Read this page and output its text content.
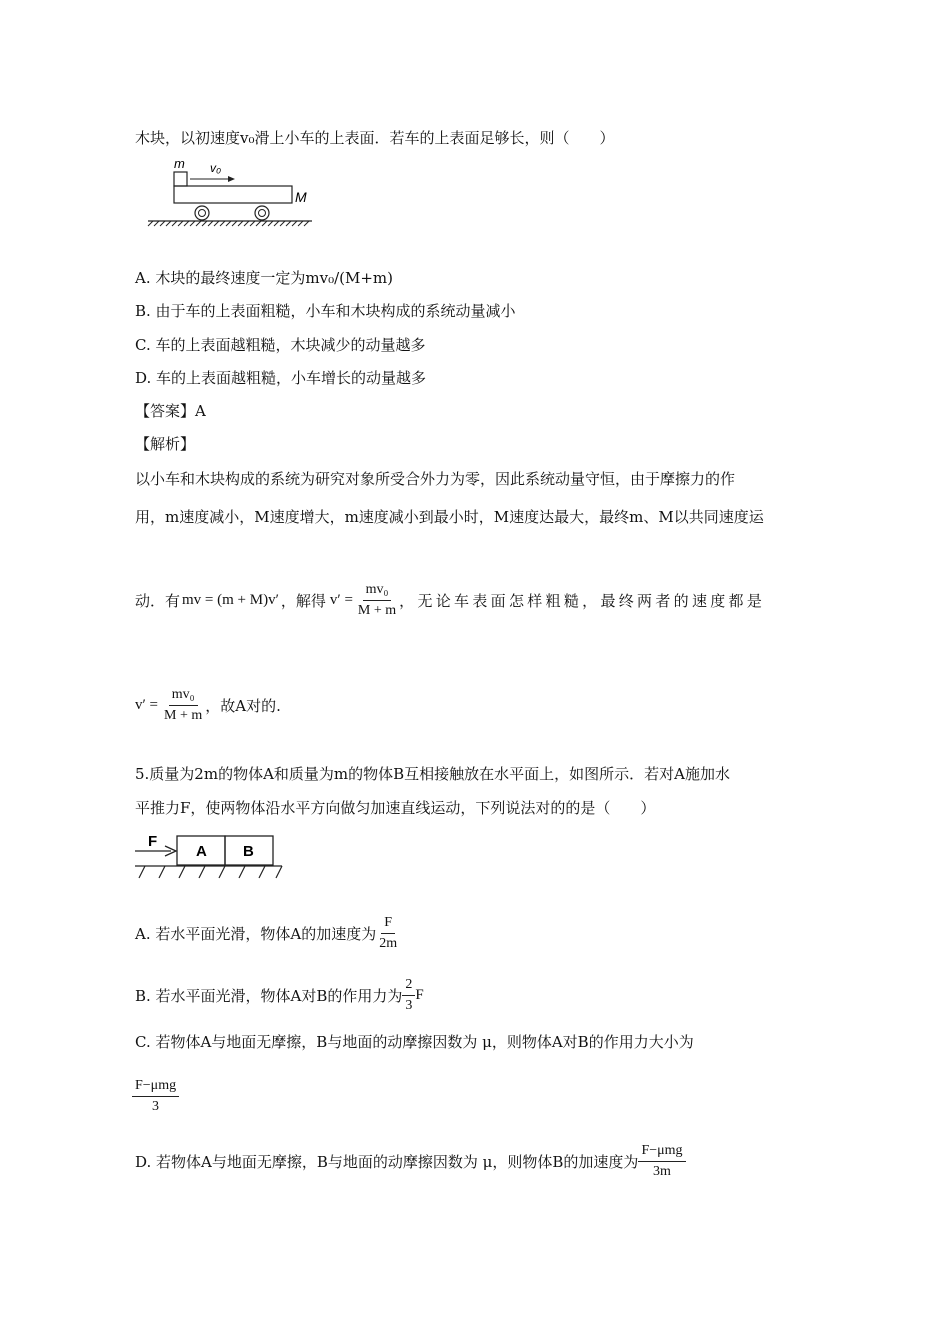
木块，以初速度v₀滑上小车的上表面．若车的上表面足够长，则（　　）
m v₀
M
A. 木块的最终速度一定为mv₀/(M+m)
B. 由于车的上表面粗糙，小车和木块构成的系统动量减小
C. 车的上表面越粗糙，木块减少的动量越多
D. 车的上表面越粗糙，小车增长的动量越多
【答案】A
【解析】
以小车和木块构成的系统为研究对象所受合外力为零，因此系统动量守恒，由于摩擦力的作
用，m速度减小，M速度增大，m速度减小到最小时，M速度达最大，最终m、M以共同速度运
动．有 mv = (m + M)v′ ，解得 $v' = \frac{\text{mv₀}}{M + m}$ ，无论车表面怎样粗糙，最终两者的速度都是
$v' = \frac{\text{mv₀}}{M + m}$ ，故A对的.
5.质量为2m的物体A和质量为m的物体B互相接触放在水平面上，如图所示．若对A施加水
平推力F，使两物体沿水平方向做匀加速直线运动，下列说法对的的是（　　）
F
A B
A. 若水平面光滑，物体A的加速度为 $\frac{F}{2m}$
B. 若水平面光滑，物体A对B的作用力为 $\frac{2}{3}$ F
C. 若物体A与地面无摩擦，B与地面的动摩擦因数为 μ，则物体A对B的作用力大小为
$\frac{\text{F−μmg}}{3}$
D. 若物体A与地面无摩擦，B与地面的动摩擦因数为 μ，则物体B的加速度为 $\frac{\text{F−μmg}}{3m}$
